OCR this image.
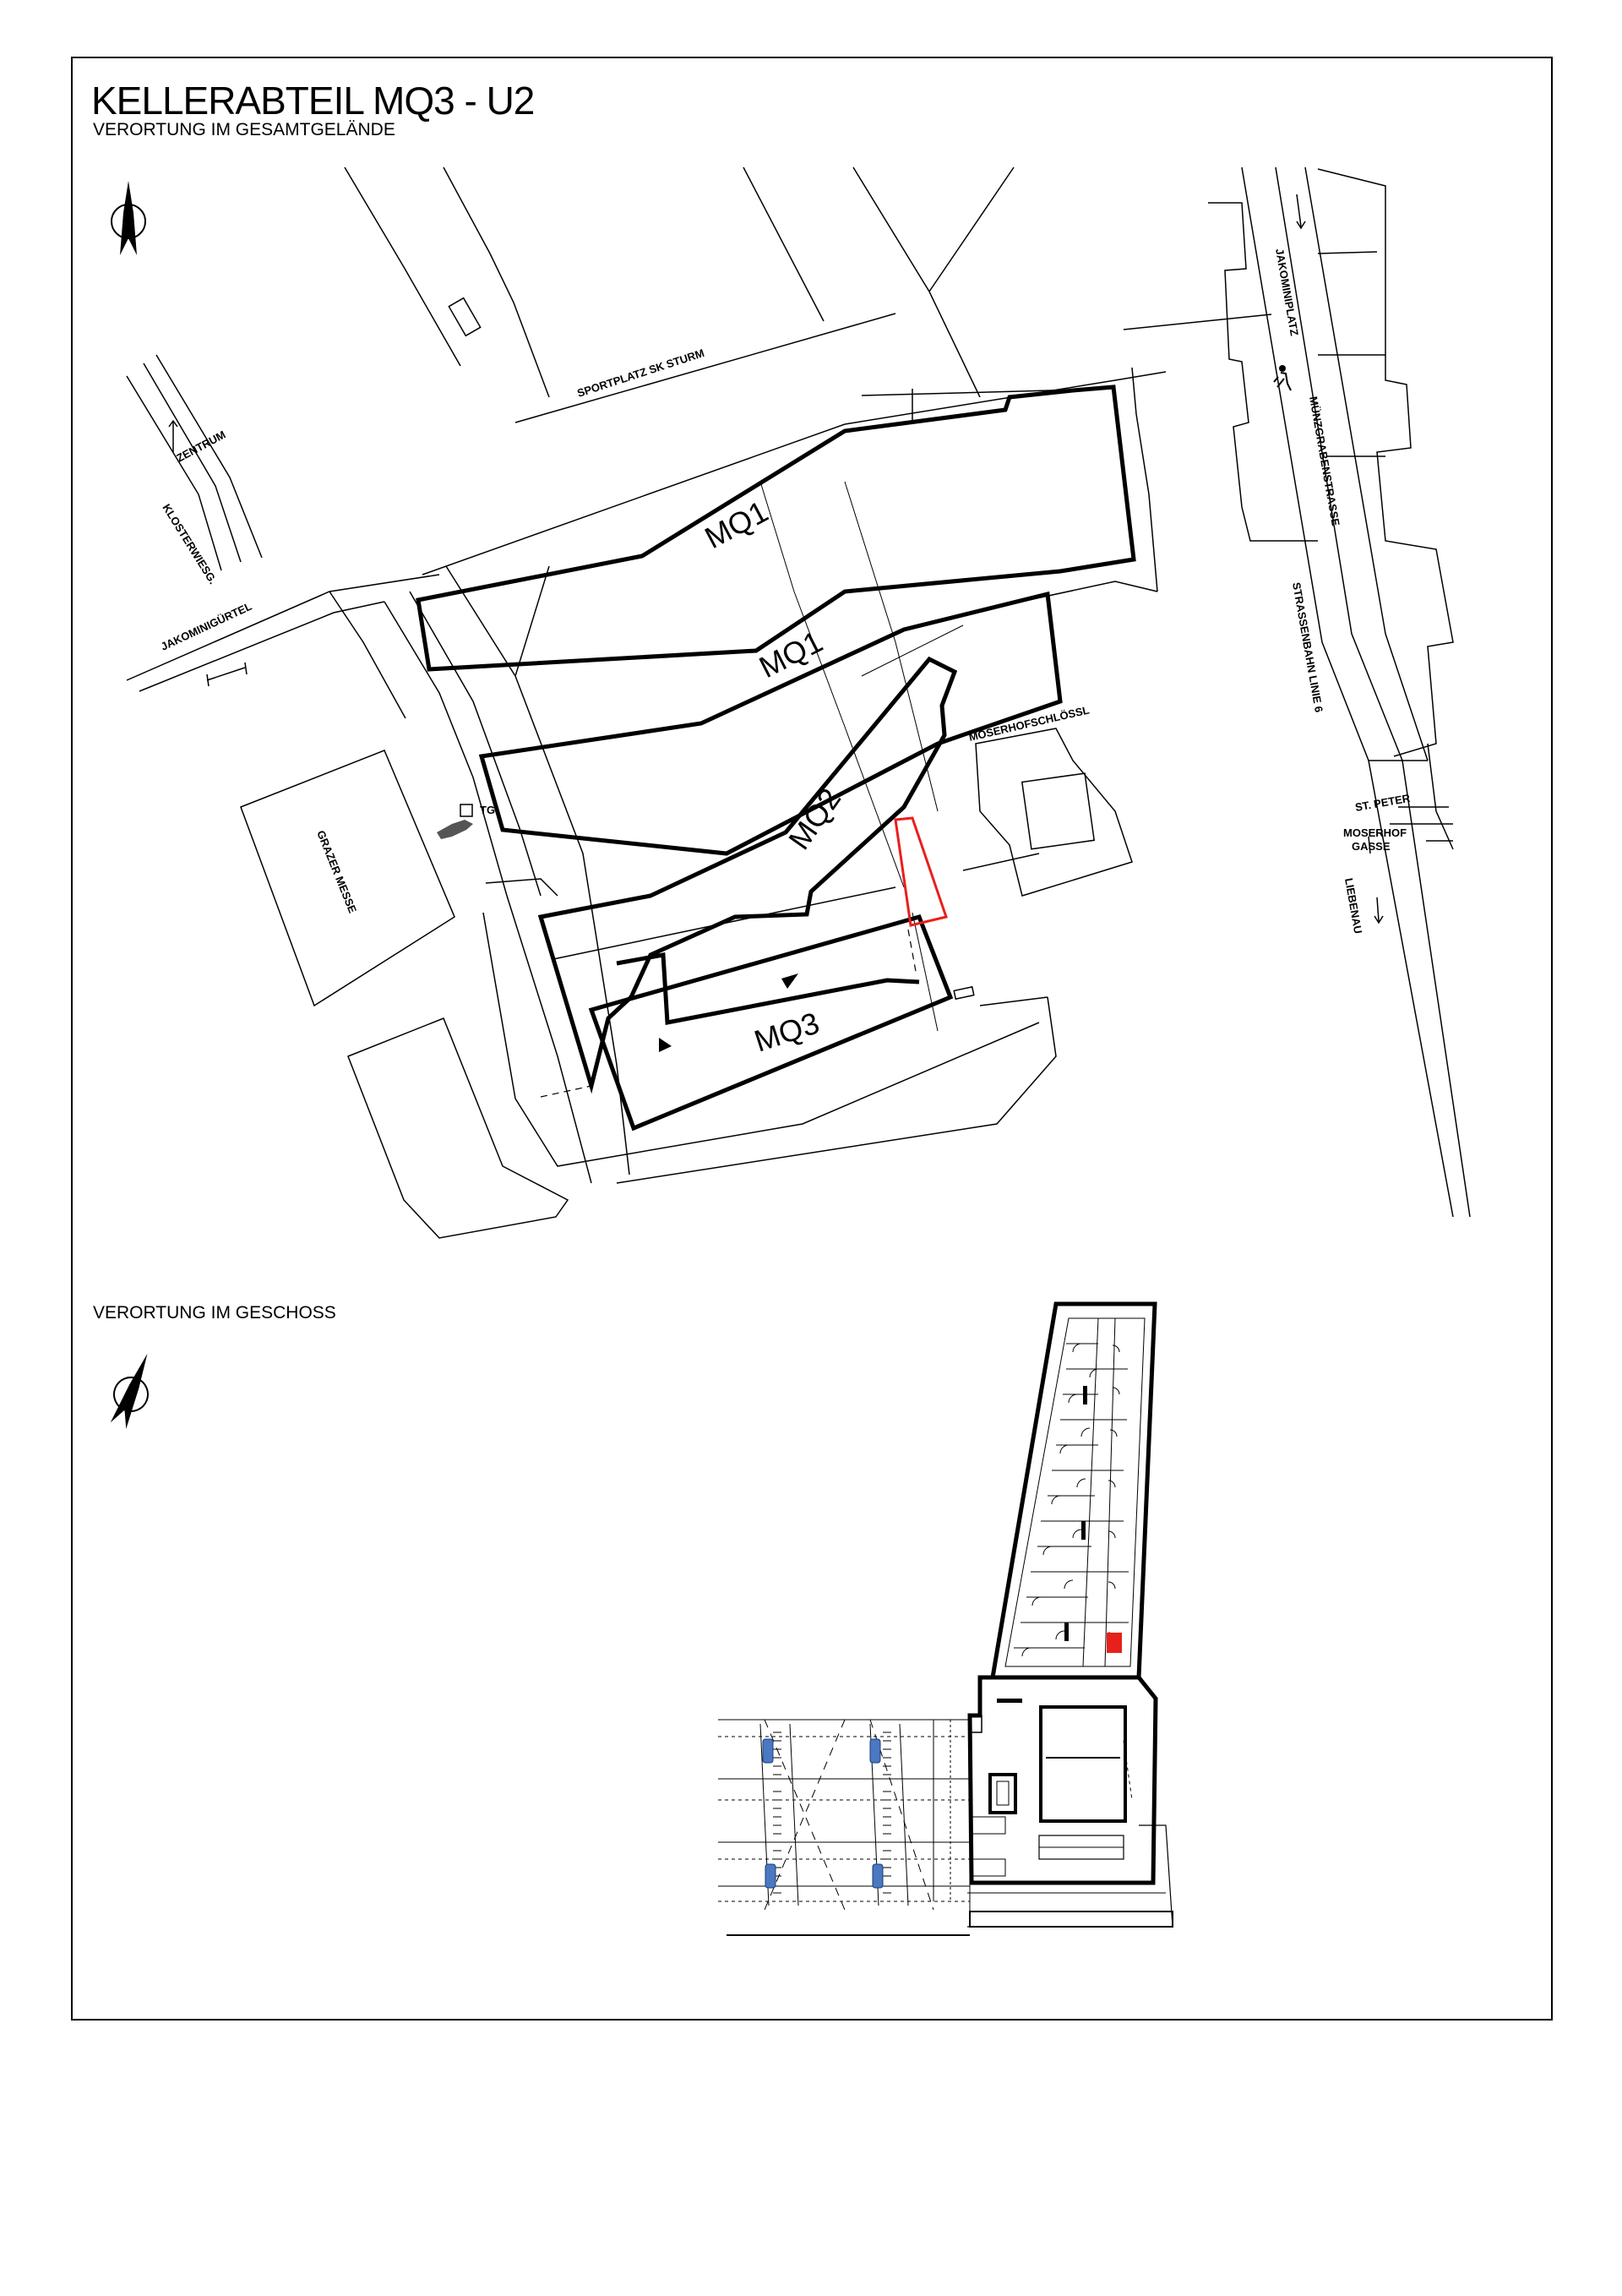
KELLERABTEIL MQ3 - U2
VERORTUNG IM GESAMTGELÄNDE
MQ1
MQ1
MQ2
MQ3
SPORTPLATZ SK STURM
ZENTRUM
KLOSTERWIESG.
JAKOMINIGÜRTEL
JAKOMINIPLATZ
MÜNZGRABENSTRASSE
STRASSENBAHN LINIE 6
MOSERHOFSCHLÖSSL
GRAZER MESSE
ST. PETER
MOSERHOF
GASSE
LIEBENAU
TG
VERORTUNG IM GESCHOSS
